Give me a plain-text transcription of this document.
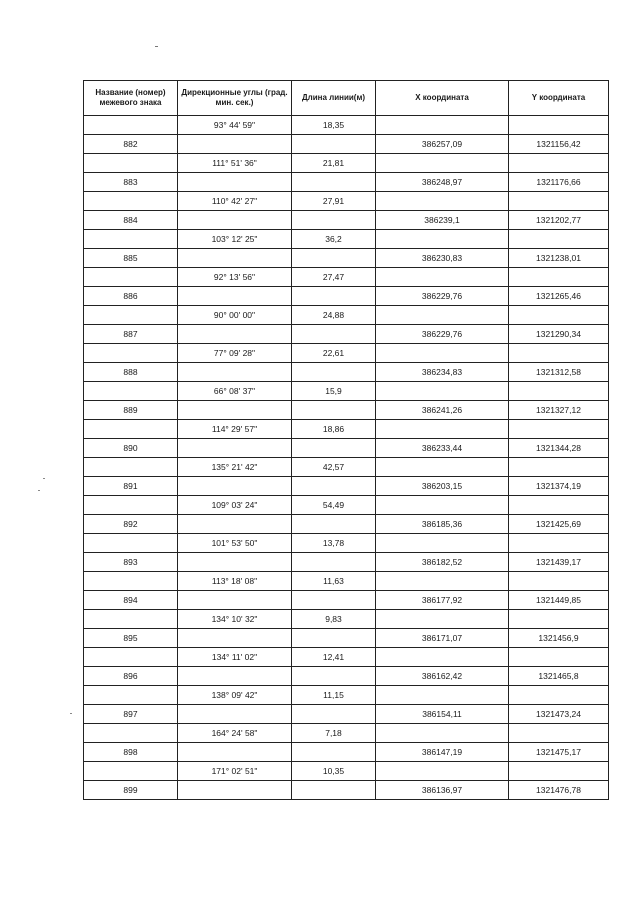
Название (номер) межевого знака	Дирекционные углы (град. мин. сек.)	Длина линии(м)	X координата	Y координата
	93° 44' 59"	18,35		
882			386257,09	1321156,42
	111° 51' 36"	21,81		
883			386248,97	1321176,66
	110° 42' 27"	27,91		
884			386239,1	1321202,77
	103° 12' 25"	36,2		
885			386230,83	1321238,01
	92° 13' 56"	27,47		
886			386229,76	1321265,46
	90° 00' 00"	24,88		
887			386229,76	1321290,34
	77° 09' 28"	22,61		
888			386234,83	1321312,58
	66° 08' 37"	15,9		
889			386241,26	1321327,12
	114° 29' 57"	18,86		
890			386233,44	1321344,28
	135° 21' 42"	42,57		
891			386203,15	1321374,19
	109° 03' 24"	54,49		
892			386185,36	1321425,69
	101° 53' 50"	13,78		
893			386182,52	1321439,17
	113° 18' 08"	11,63		
894			386177,92	1321449,85
	134° 10' 32"	9,83		
895			386171,07	1321456,9
	134° 11' 02"	12,41		
896			386162,42	1321465,8
	138° 09' 42"	11,15		
897			386154,11	1321473,24
	164° 24' 58"	7,18		
898			386147,19	1321475,17
	171° 02' 51"	10,35		
899			386136,97	1321476,78
